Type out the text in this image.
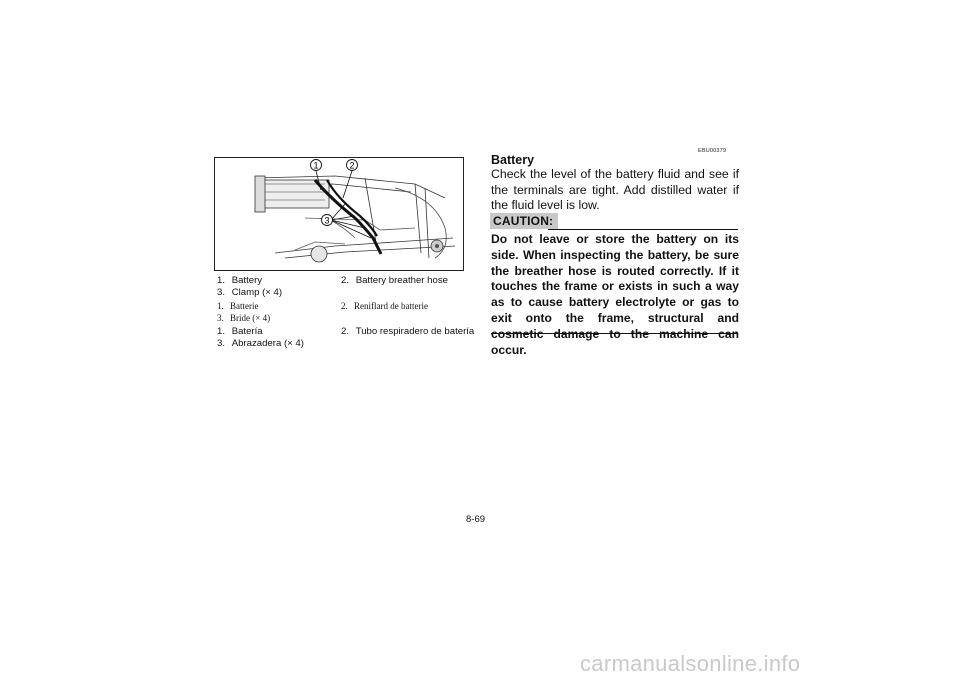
1	2
3
1. Battery	2. Battery breather hose
3. Clamp (× 4)
1. Batterie	2. Reniflard de batterie
3. Bride (× 4)
1. Batería	2. Tubo respiradero de batería
3. Abrazadera (× 4)
EBU00379
Battery
Check the level of the battery fluid and see if the terminals are tight. Add distilled water if the fluid level is low.
CAUTION:
Do not leave or store the battery on its side. When inspecting the battery, be sure the breather hose is routed correctly. If it touches the frame or exists in such a way as to cause battery electrolyte or gas to exit onto the frame, structural and cosmetic damage to the machine can occur.
8-69
carmanualsonline.info
